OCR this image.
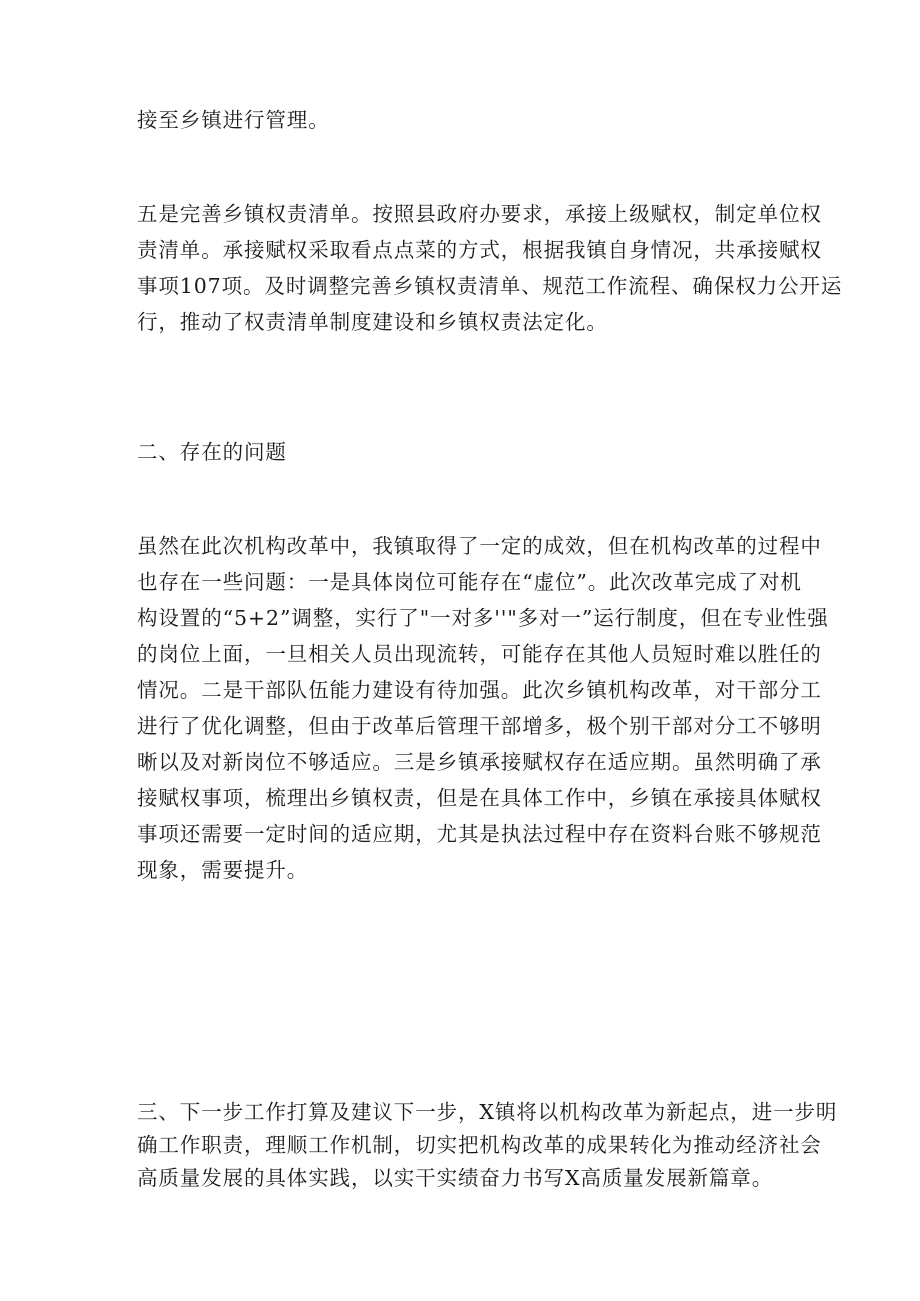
接至乡镇进行管理。
五是完善乡镇权责清单。按照县政府办要求，承接上级赋权，制定单位权
责清单。承接赋权采取看点点菜的方式，根据我镇自身情况，共承接赋权
事项107项。及时调整完善乡镇权责清单、规范工作流程、确保权力公开运
行，推动了权责清单制度建设和乡镇权责法定化。
二、存在的问题
虽然在此次机构改革中，我镇取得了一定的成效，但在机构改革的过程中
也存在一些问题：一是具体岗位可能存在“虚位”。此次改革完成了对机
构设置的“5+2”调整，实行了"一对多''"多对一”运行制度，但在专业性强
的岗位上面，一旦相关人员出现流转，可能存在其他人员短时难以胜任的
情况。二是干部队伍能力建设有待加强。此次乡镇机构改革，对干部分工
进行了优化调整，但由于改革后管理干部增多，极个别干部对分工不够明
晰以及对新岗位不够适应。三是乡镇承接赋权存在适应期。虽然明确了承
接赋权事项，梳理出乡镇权责，但是在具体工作中，乡镇在承接具体赋权
事项还需要一定时间的适应期，尤其是执法过程中存在资料台账不够规范
现象，需要提升。
三、下一步工作打算及建议下一步，X镇将以机构改革为新起点，进一步明
确工作职责，理顺工作机制，切实把机构改革的成果转化为推动经济社会
高质量发展的具体实践，以实干实绩奋力书写X高质量发展新篇章。
